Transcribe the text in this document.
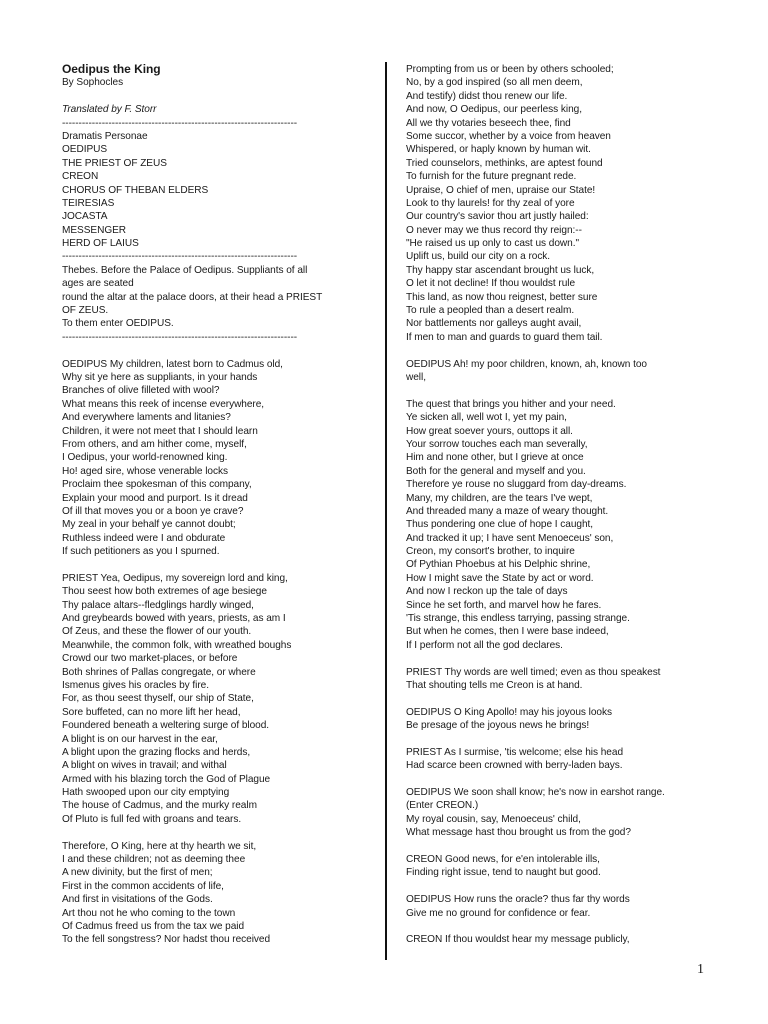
Oedipus the King
By Sophocles
Translated by F. Storr
-----------------------------------------------------------------------
Dramatis Personae
OEDIPUS
THE PRIEST OF ZEUS
CREON
CHORUS OF THEBAN ELDERS
TEIRESIAS
JOCASTA
MESSENGER
HERD OF LAIUS
-----------------------------------------------------------------------
Thebes. Before the Palace of Oedipus. Suppliants of all
ages are seated
round the altar at the palace doors, at their head a PRIEST
OF ZEUS.
To them enter OEDIPUS.
-----------------------------------------------------------------------
OEDIPUS My children, latest born to Cadmus old,
Why sit ye here as suppliants, in your hands
Branches of olive filleted with wool?
What means this reek of incense everywhere,
And everywhere laments and litanies?
Children, it were not meet that I should learn
From others, and am hither come, myself,
I Oedipus, your world-renowned king.
Ho! aged sire, whose venerable locks
Proclaim thee spokesman of this company,
Explain your mood and purport. Is it dread
Of ill that moves you or a boon ye crave?
My zeal in your behalf ye cannot doubt;
Ruthless indeed were I and obdurate
If such petitioners as you I spurned.
PRIEST Yea, Oedipus, my sovereign lord and king,
Thou seest how both extremes of age besiege
Thy palace altars--fledglings hardly winged,
And greybeards bowed with years, priests, as am I
Of Zeus, and these the flower of our youth.
Meanwhile, the common folk, with wreathed boughs
Crowd our two market-places, or before
Both shrines of Pallas congregate, or where
Ismenus gives his oracles by fire.
For, as thou seest thyself, our ship of State,
Sore buffeted, can no more lift her head,
Foundered beneath a weltering surge of blood.
A blight is on our harvest in the ear,
A blight upon the grazing flocks and herds,
A blight on wives in travail; and withal
Armed with his blazing torch the God of Plague
Hath swooped upon our city emptying
The house of Cadmus, and the murky realm
Of Pluto is full fed with groans and tears.
Therefore, O King, here at thy hearth we sit,
I and these children; not as deeming thee
A new divinity, but the first of men;
First in the common accidents of life,
And first in visitations of the Gods.
Art thou not he who coming to the town
Of Cadmus freed us from the tax we paid
To the fell songstress? Nor hadst thou received
Prompting from us or been by others schooled;
No, by a god inspired (so all men deem,
And testify) didst thou renew our life.
And now, O Oedipus, our peerless king,
All we thy votaries beseech thee, find
Some succor, whether by a voice from heaven
Whispered, or haply known by human wit.
Tried counselors, methinks, are aptest found
To furnish for the future pregnant rede.
Upraise, O chief of men, upraise our State!
Look to thy laurels! for thy zeal of yore
Our country's savior thou art justly hailed:
O never may we thus record thy reign:--
"He raised us up only to cast us down."
Uplift us, build our city on a rock.
Thy happy star ascendant brought us luck,
O let it not decline! If thou wouldst rule
This land, as now thou reignest, better sure
To rule a peopled than a desert realm.
Nor battlements nor galleys aught avail,
If men to man and guards to guard them tail.
OEDIPUS Ah! my poor children, known, ah, known too
well,
The quest that brings you hither and your need.
Ye sicken all, well wot I, yet my pain,
How great soever yours, outtops it all.
Your sorrow touches each man severally,
Him and none other, but I grieve at once
Both for the general and myself and you.
Therefore ye rouse no sluggard from day-dreams.
Many, my children, are the tears I've wept,
And threaded many a maze of weary thought.
Thus pondering one clue of hope I caught,
And tracked it up; I have sent Menoeceus' son,
Creon, my consort's brother, to inquire
Of Pythian Phoebus at his Delphic shrine,
How I might save the State by act or word.
And now I reckon up the tale of days
Since he set forth, and marvel how he fares.
'Tis strange, this endless tarrying, passing strange.
But when he comes, then I were base indeed,
If I perform not all the god declares.
PRIEST Thy words are well timed; even as thou speakest
That shouting tells me Creon is at hand.
OEDIPUS O King Apollo! may his joyous looks
Be presage of the joyous news he brings!
PRIEST As I surmise, 'tis welcome; else his head
Had scarce been crowned with berry-laden bays.
OEDIPUS We soon shall know; he's now in earshot range.
(Enter CREON.)
My royal cousin, say, Menoeceus' child,
What message hast thou brought us from the god?
CREON Good news, for e'en intolerable ills,
Finding right issue, tend to naught but good.
OEDIPUS How runs the oracle? thus far thy words
Give me no ground for confidence or fear.
CREON If thou wouldst hear my message publicly,
1
